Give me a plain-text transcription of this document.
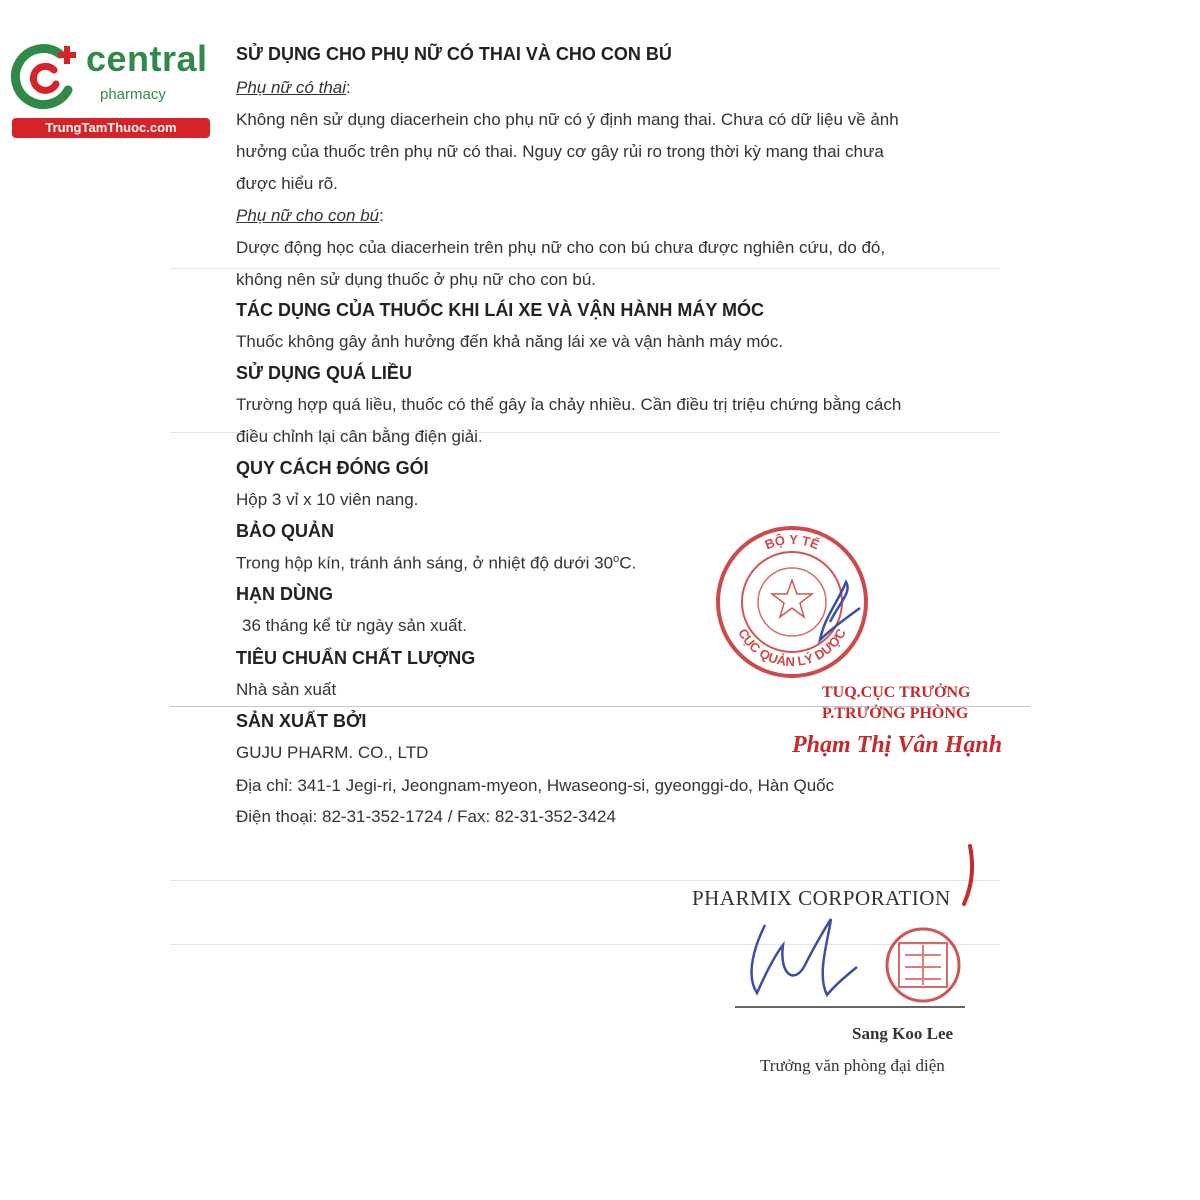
central
pharmacy
TrungTamThuoc.com
SỬ DỤNG CHO PHỤ NỮ CÓ THAI VÀ CHO CON BÚ
Phụ nữ có thai:
Không nên sử dụng diacerhein cho phụ nữ có ý định mang thai. Chưa có dữ liệu về ảnh
hưởng của thuốc trên phụ nữ có thai. Nguy cơ gây rủi ro trong thời kỳ mang thai chưa
được hiểu rõ.
Phụ nữ cho con bú:
Dược động học của diacerhein trên phụ nữ cho con bú chưa được nghiên cứu, do đó,
không nên sử dụng thuốc ở phụ nữ cho con bú.
TÁC DỤNG CỦA THUỐC KHI LÁI XE VÀ VẬN HÀNH MÁY MÓC
Thuốc không gây ảnh hưởng đến khả năng lái xe và vận hành máy móc.
SỬ DỤNG QUÁ LIỀU
Trường hợp quá liều, thuốc có thể gây ỉa chảy nhiều. Cần điều trị triệu chứng bằng cách
điều chỉnh lại cân bằng điện giải.
QUY CÁCH ĐÓNG GÓI
Hộp 3 vỉ x 10 viên nang.
BẢO QUẢN
Trong hộp kín, tránh ánh sáng, ở nhiệt độ dưới 30$^o$C.
HẠN DÙNG
36 tháng kể từ ngày sản xuất.
TIÊU CHUẨN CHẤT LƯỢNG
Nhà sản xuất
SẢN XUẤT BỞI
GUJU PHARM. CO., LTD
Địa chỉ: 341-1 Jegi-ri, Jeongnam-myeon, Hwaseong-si, gyeonggi-do, Hàn Quốc
Điện thoại: 82-31-352-1724 / Fax: 82-31-352-3424
BỘ Y TẾ
CỤC QUẢN LÝ DƯỢC
TUQ.CỤC TRƯỞNG
P.TRƯỞNG PHÒNG
Phạm Thị Vân Hạnh
PHARMIX CORPORATION
Sang Koo Lee
Trưởng văn phòng đại diện
